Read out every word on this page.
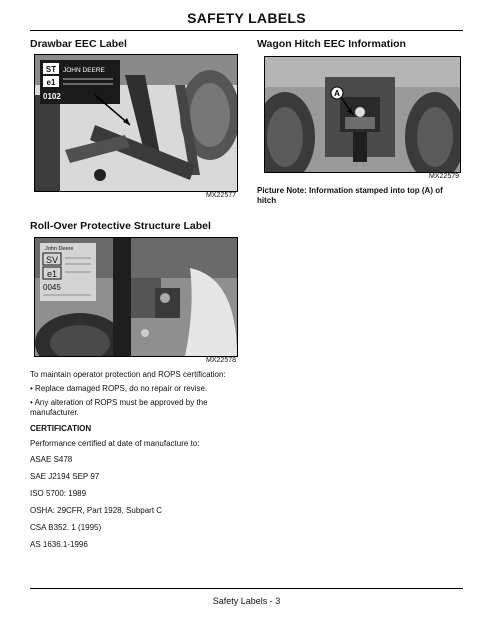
SAFETY LABELS
Drawbar EEC Label
ST JOHN DEERE
e1
0102
MX22577
Roll-Over Protective Structure Label
John Deere
SV
e1
0045
MX22578
To maintain operator protection and ROPS certification:
• Replace damaged ROPS, do no repair or revise.
• Any alteration of ROPS must be approved by the manufacturer.
CERTIFICATION
Performance certified at date of manufacture to:
ASAE S478
SAE J2194 SEP 97
ISO 5700: 1989
OSHA: 29CFR, Part 1928, Subpart C
CSA B352. 1 (1995)
AS 1636.1-1996
Wagon Hitch EEC Information
A
MX22579
Picture Note: Information stamped into top (A) of hitch
Safety Labels - 3
